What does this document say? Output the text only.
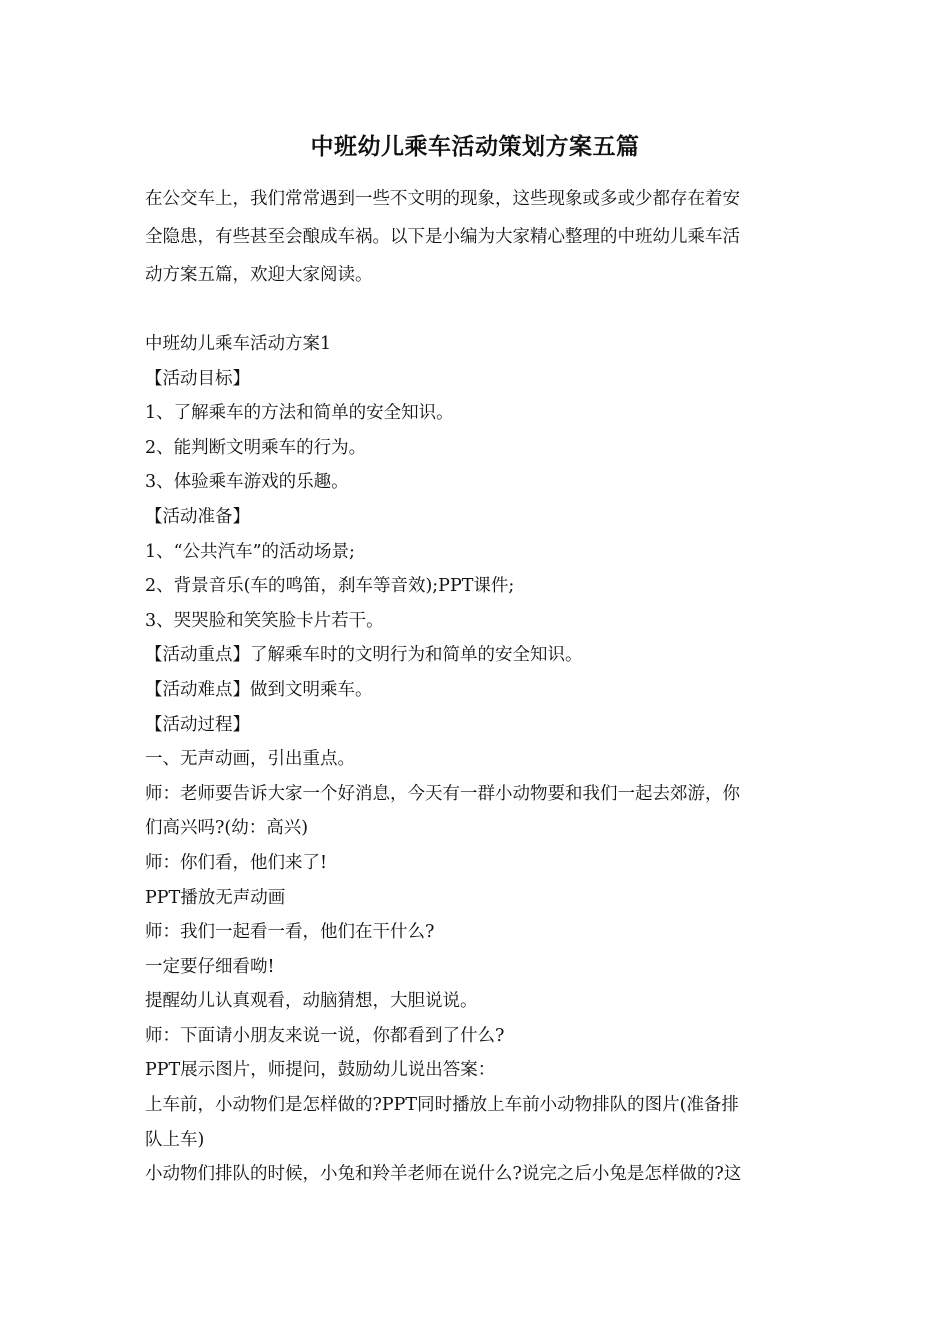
中班幼儿乘车活动策划方案五篇

在公交车上，我们常常遇到一些不文明的现象，这些现象或多或少都存在着安

全隐患，有些甚至会酿成车祸。以下是小编为大家精心整理的中班幼儿乘车活

动方案五篇，欢迎大家阅读。

中班幼儿乘车活动方案1
【活动目标】
1、了解乘车的方法和简单的安全知识。
2、能判断文明乘车的行为。
3、体验乘车游戏的乐趣。
【活动准备】
1、“公共汽车”的活动场景;
2、背景音乐(车的鸣笛，刹车等音效);PPT课件;
3、哭哭脸和笑笑脸卡片若干。
【活动重点】了解乘车时的文明行为和简单的安全知识。
【活动难点】做到文明乘车。
【活动过程】
一、无声动画，引出重点。
师：老师要告诉大家一个好消息，今天有一群小动物要和我们一起去郊游，你
们高兴吗?(幼：高兴)
师：你们看，他们来了!
PPT播放无声动画
师：我们一起看一看，他们在干什么?
一定要仔细看呦!
提醒幼儿认真观看，动脑猜想，大胆说说。
师：下面请小朋友来说一说，你都看到了什么?
PPT展示图片，师提问，鼓励幼儿说出答案：
上车前，小动物们是怎样做的?PPT同时播放上车前小动物排队的图片(准备排
队上车)
小动物们排队的时候，小兔和羚羊老师在说什么?说完之后小兔是怎样做的?这
